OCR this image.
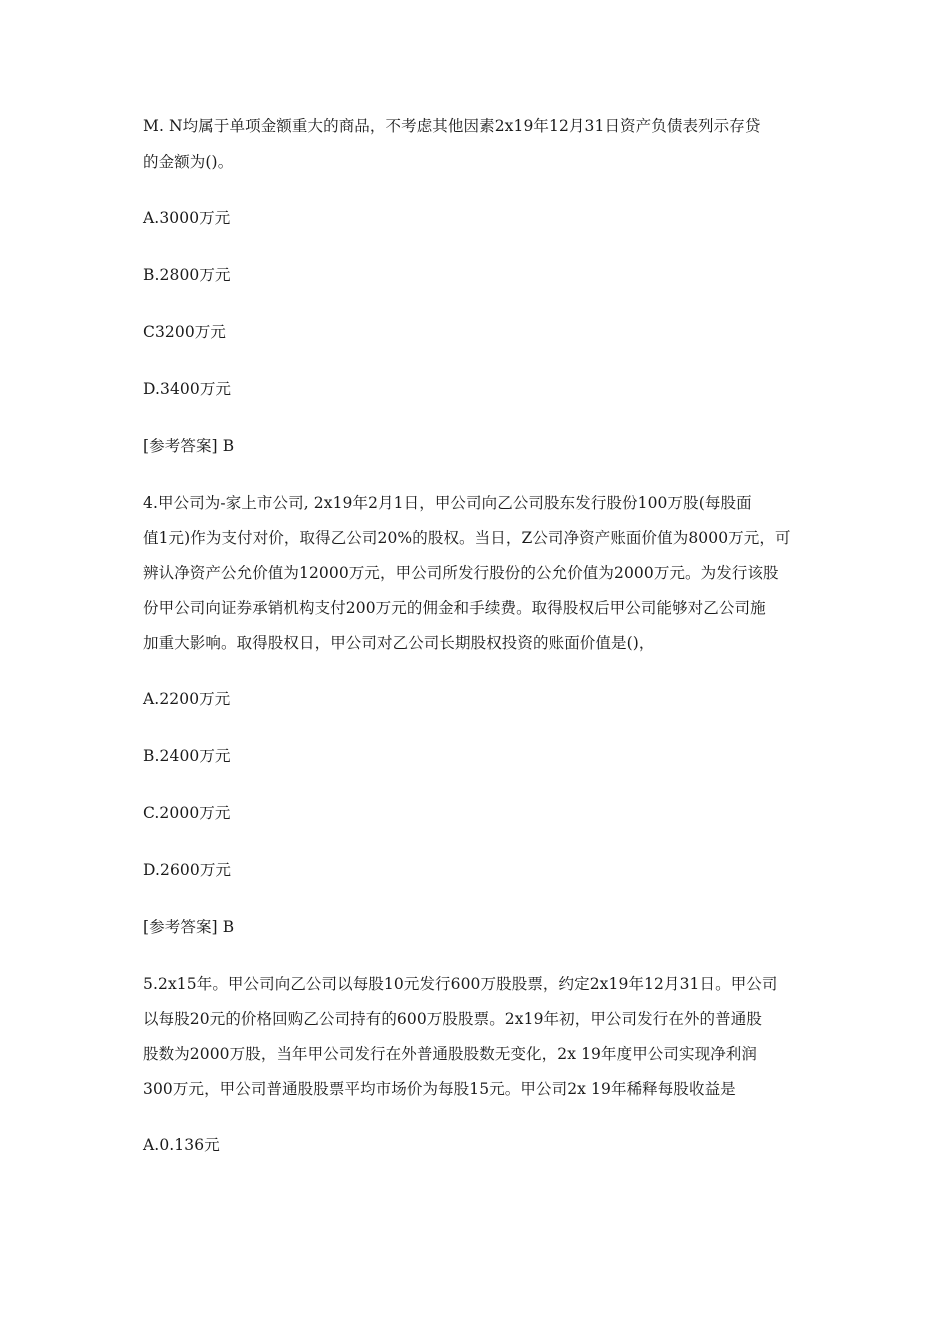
M. N均属于单项金额重大的商品，不考虑其他因素2x19年12月31日资产负债表列示存贷

的金额为()。

A.3000万元

B.2800万元

C3200万元

D.3400万元

[参考答案] B

4.甲公司为-家上市公司, 2x19年2月1日，甲公司向乙公司股东发行股份100万股(每股面

值1元)作为支付对价，取得乙公司20%的股权。当日，Z公司净资产账面价值为8000万元，可

辨认净资产公允价值为12000万元，甲公司所发行股份的公允价值为2000万元。为发行该股

份甲公司向证券承销机构支付200万元的佣金和手续费。取得股权后甲公司能够对乙公司施

加重大影响。取得股权日，甲公司对乙公司长期股权投资的账面价值是()，

A.2200万元

B.2400万元

C.2000万元

D.2600万元

[参考答案] B

5.2x15年。甲公司向乙公司以每股10元发行600万股股票，约定2x19年12月31日。甲公司

以每股20元的价格回购乙公司持有的600万股股票。2x19年初，甲公司发行在外的普通股

股数为2000万股，当年甲公司发行在外普通股股数无变化，2x 19年度甲公司实现净利润

300万元，甲公司普通股股票平均市场价为每股15元。甲公司2x 19年稀释每股收益是

A.0.136元
